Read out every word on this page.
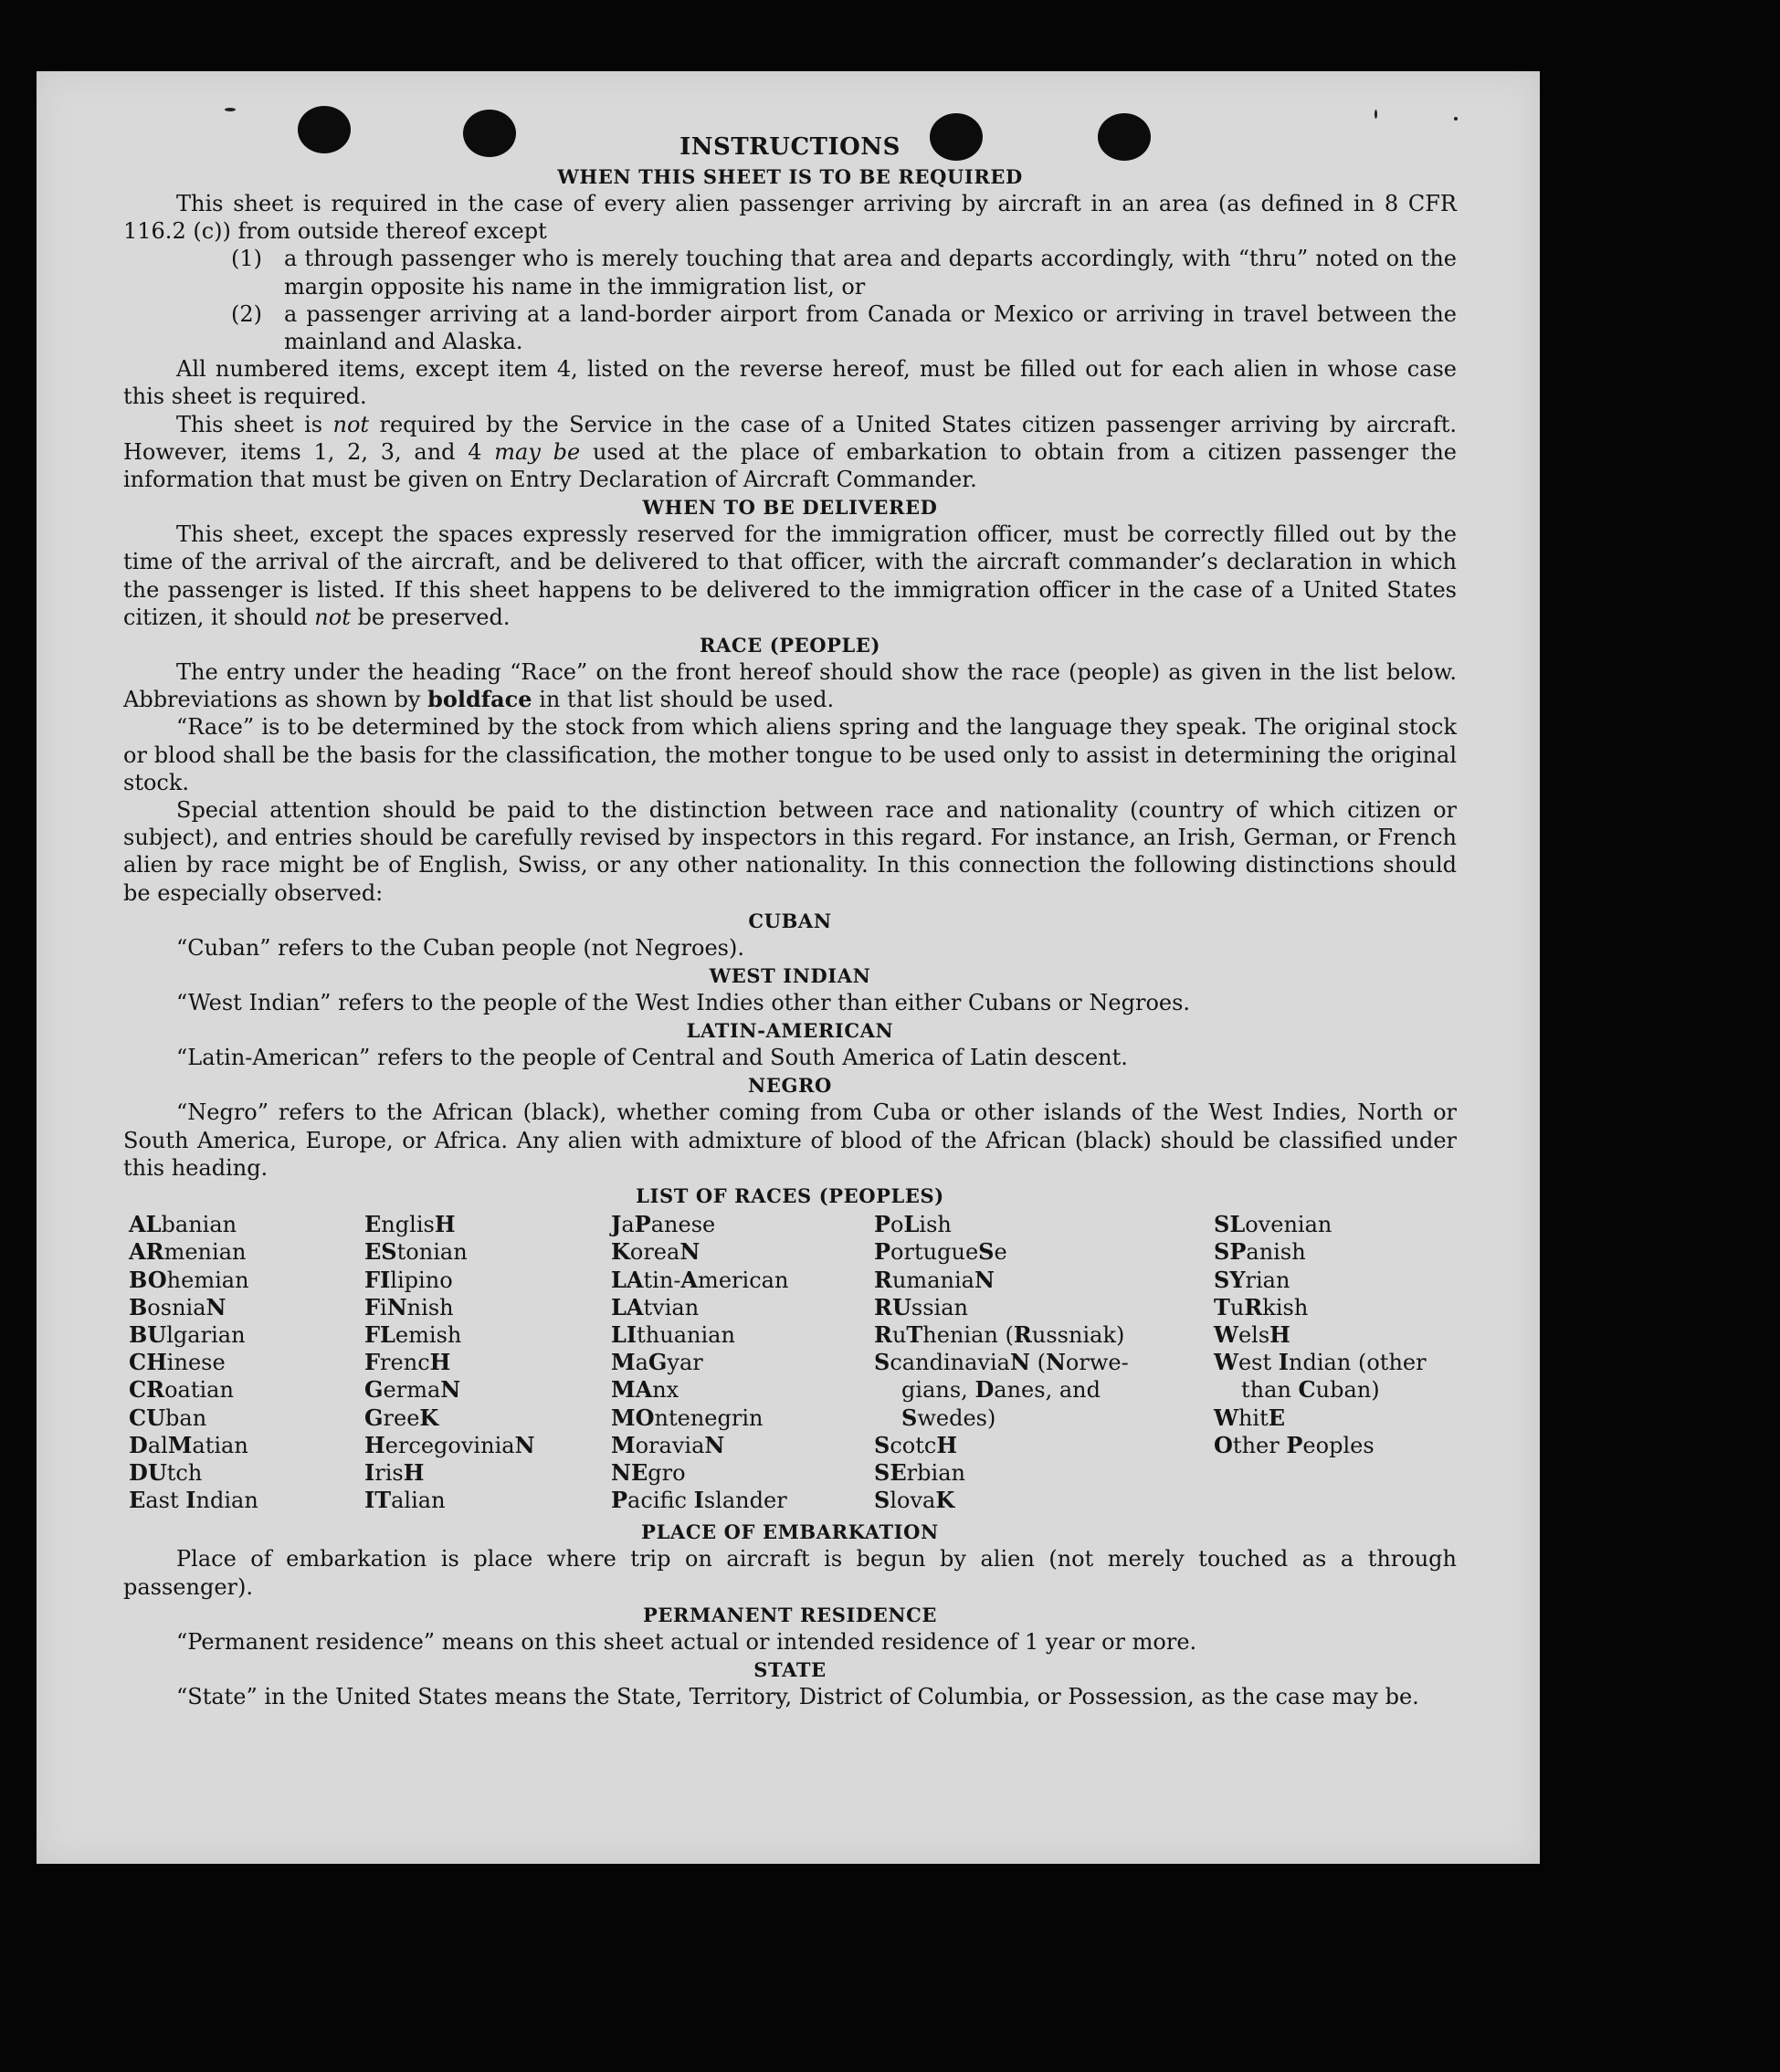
INSTRUCTIONS
WHEN THIS SHEET IS TO BE REQUIRED

This sheet is required in the case of every alien passenger arriving by aircraft in an area (as defined in 8 CFR 116.2 (c)) from outside thereof except

(1) a through passenger who is merely touching that area and departs accordingly, with “thru” noted on the margin opposite his name in the immigration list, or
(2) a passenger arriving at a land-border airport from Canada or Mexico or arriving in travel between the mainland and Alaska.

All numbered items, except item 4, listed on the reverse hereof, must be filled out for each alien in whose case this sheet is required.

This sheet is not required by the Service in the case of a United States citizen passenger arriving by aircraft. However, items 1, 2, 3, and 4 may be used at the place of embarkation to obtain from a citizen passenger the information that must be given on Entry Declaration of Aircraft Commander.

WHEN TO BE DELIVERED

This sheet, except the spaces expressly reserved for the immigration officer, must be correctly filled out by the time of the arrival of the aircraft, and be delivered to that officer, with the aircraft commander’s declaration in which the passenger is listed. If this sheet happens to be delivered to the immigration officer in the case of a United States citizen, it should not be preserved.

RACE (PEOPLE)

The entry under the heading “Race” on the front hereof should show the race (people) as given in the list below. Abbreviations as shown by boldface in that list should be used.

“Race” is to be determined by the stock from which aliens spring and the language they speak. The original stock or blood shall be the basis for the classification, the mother tongue to be used only to assist in determining the original stock.

Special attention should be paid to the distinction between race and nationality (country of which citizen or subject), and entries should be carefully revised by inspectors in this regard. For instance, an Irish, German, or French alien by race might be of English, Swiss, or any other nationality. In this connection the following distinctions should be especially observed:

CUBAN

“Cuban” refers to the Cuban people (not Negroes).

WEST INDIAN

“West Indian” refers to the people of the West Indies other than either Cubans or Negroes.

LATIN-AMERICAN

“Latin-American” refers to the people of Central and South America of Latin descent.

NEGRO

“Negro” refers to the African (black), whether coming from Cuba or other islands of the West Indies, North or South America, Europe, or Africa. Any alien with admixture of blood of the African (black) should be classified under this heading.

LIST OF RACES (PEOPLES)
ALbanian
ARmenian
BOhemian
BosniaN
BUlgarian
CHinese
CRoatian
CUban
DalMatian
DUtch
East Indian
EnglisH
EStonian
FIlipino
FiNnish
FLemish
FrencH
GermaN
GreeK
HercegoviniaN
IrisH
ITalian
JaPanese
KoreaN
LAtin-American
LAtvian
LIthuanian
MaGyar
MAnx
MOntenegrin
MoraviaN
NEgro
Pacifc Islander
PoLish
PortugueSe
RumaniaN
RUssian
RuThenian (Russniak)
ScandinaviaN (Norwe-
gians, Danes, and
Swedes)
ScotcH
SErbian
SlovaK
SLovenian
SPanish
SYrian
TuRkish
WelsH
West Indian (other
than Cuban)
WhitE
Other Peoples
PLACE OF EMBARKATION

Place of embarkation is place where trip on aircraft is begun by alien (not merely touched as a through passenger).

PERMANENT RESIDENCE

“Permanent residence” means on this sheet actual or intended residence of 1 year or more.

STATE

“State” in the United States means the State, Territory, District of Columbia, or Possession, as the case may be.
